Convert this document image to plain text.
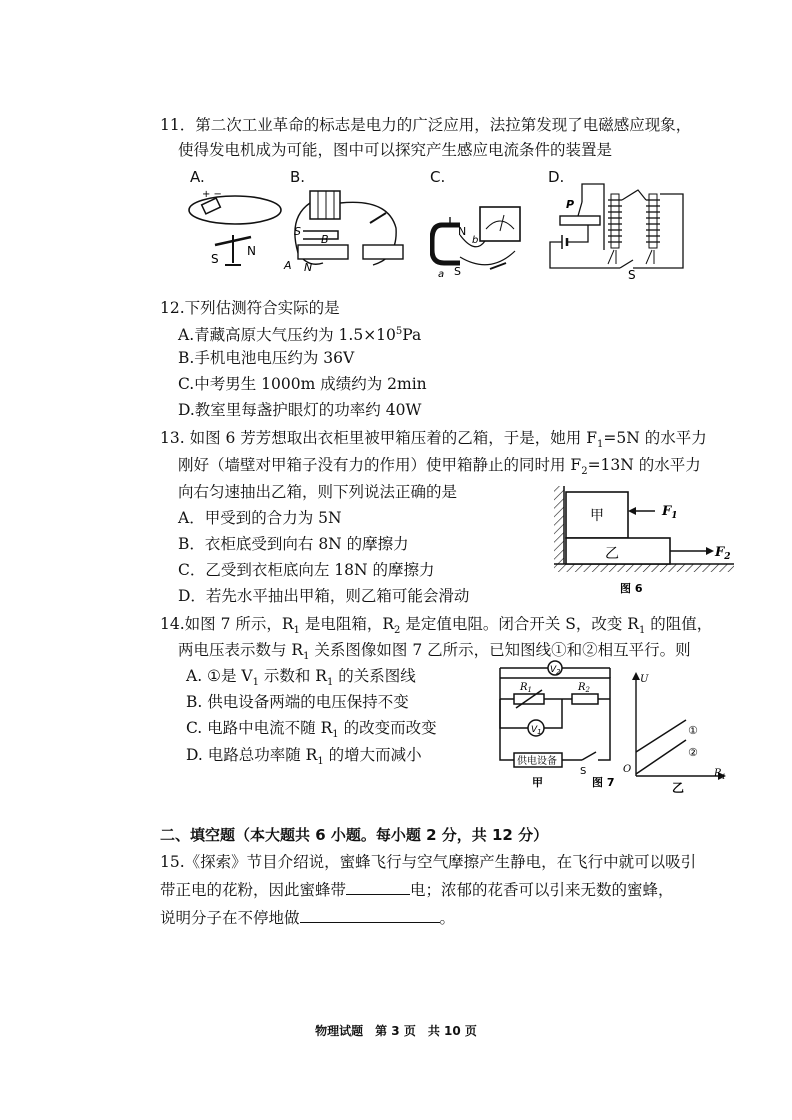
11．第二次工业革命的标志是电力的广泛应用，法拉第发现了电磁感应现象，
使得发电机成为可能，图中可以探究产生感应电流条件的装置是
A.	B.	C.	D.
+ −
S
N
S
B
A N
N
b
a S
P
S
12.下列估测符合实际的是
A.青藏高原大气压约为 $1.5\times 10^5Pa$
B.手机电池电压约为 36V
C.中考男生 1000m 成绩约为 2min
D.教室里每盏护眼灯的功率约 40W
13. 如图 6 芳芳想取出衣柜里被甲箱压着的乙箱，于是，她用 $F_1=5N$ 的水平力
刚好（墙壁对甲箱子没有力的作用）使甲箱静止的同时用 $F_2=13N$ 的水平力
向右匀速抽出乙箱，则下列说法正确的是
A．甲受到的合力为 5N
B．衣柜底受到向右 8N 的摩擦力
C．乙受到衣柜底向左 18N 的摩擦力
D．若先水平抽出甲箱，则乙箱可能会滑动
甲
乙
$F_1$
$F_2$
图 6
14.如图 7 所示，$R_1$ 是电阻箱，$R_2$ 是定值电阻。闭合开关 S，改变 $R_1$ 的阻值，
两电压表示数与 $R_1$ 关系图像如图 7 乙所示，已知图线①和②相互平行。则
A. ①是 $V_1$ 示数和 $R_1$ 的关系图线
B. 供电设备两端的电压保持不变
C. 电路中电流不随 $R_1$ 的改变而改变
D. 电路总功率随 $R_1$ 的增大而减小
$V_2$
$V_1$
$R_1$	$R_2$
供电设备
S
甲	图 7
U
O	$R_1$
①
②
乙
二、填空题（本大题共 6 小题。每小题 2 分，共 12 分）
15.《探索》节目介绍说，蜜蜂飞行与空气摩擦产生静电，在飞行中就可以吸引
带正电的花粉，因此蜜蜂带	电；浓郁的花香可以引来无数的蜜蜂，
说明分子在不停地做	。
物理试题　第 3 页　共 10 页
